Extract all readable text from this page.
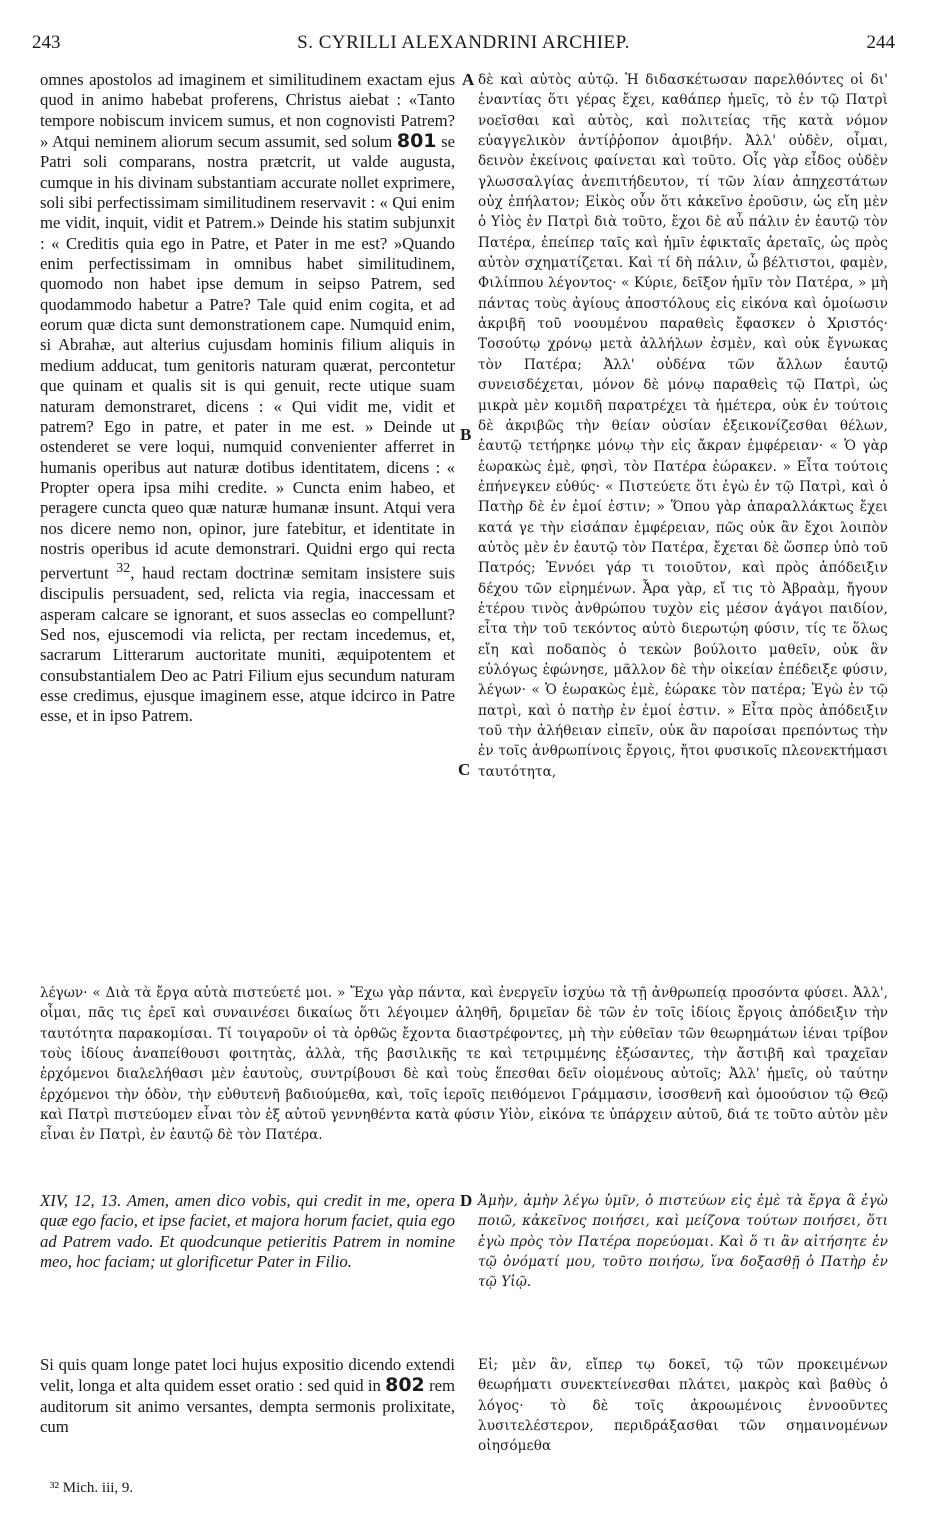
243	S. CYRILLI ALEXANDRINI ARCHIEP.	244
A
B
C
D

omnes apostolos ad imaginem et similitudinem exactam ejus quod in animo habebat proferens, Christus aiebat : «Tanto tempore nobiscum invicem sumus, et non cognovisti Patrem? » Atqui neminem aliorum secum assumit, sed solum 801 se Patri soli comparans, nostra prætcrit, ut valde augusta, cumque in his divinam substantiam accurate nollet exprimere, soli sibi perfectissimam similitudinem reservavit : « Qui enim me vidit, inquit, vidit et Patrem.» Deinde his statim subjunxit : « Creditis quia ego in Patre, et Pater in me est? »Quando enim perfectissimam in omnibus habet similitudinem, quomodo non habet ipse demum in seipso Patrem, sed quodammodo habetur a Patre? Tale quid enim cogita, et ad eorum quæ dicta sunt demonstrationem cape. Numquid enim, si Abrahæ, aut alterius cujusdam hominis filium aliquis in medium adducat, tum genitoris naturam quærat, percontetur que quinam et qualis sit is qui genuit, recte utique suam naturam demonstraret, dicens : « Qui vidit me, vidit et patrem? Ego in patre, et pater in me est. » Deinde ut ostenderet se vere loqui, numquid convenienter afferret in humanis operibus aut naturæ dotibus identitatem, dicens : « Propter opera ipsa mihi credite. » Cuncta enim habeo, et peragere cuncta queo quæ naturæ humanæ insunt. Atqui vera nos dicere nemo non, opinor, jure fatebitur, et identitate in nostris operibus id acute demonstrari. Quidni ergo qui recta pervertunt $^{32}$, haud rectam doctrinæ semitam insistere suis discipulis persuadent, sed, relicta via regia, inaccessam et asperam calcare se ignorant, et suos asseclas eo compellunt? Sed nos, ejuscemodi via relicta, per rectam incedemus, et, sacrarum Litterarum auctoritate muniti, æquipotentem et consubstantialem Deo ac Patri Filium ejus secundum naturam esse credimus, ejusque imaginem esse, atque idcirco in Patre esse, et in ipso Patrem.

δὲ καὶ αὐτὸς αὐτῷ. Ἡ διδασκέτωσαν παρελθόντες οἱ δι' ἐναντίας ὅτι γέρας ἔχει, καθάπερ ἡμεῖς, τὸ ἐν τῷ Πατρὶ νοεῖσθαι καὶ αὐτὸς, καὶ πολιτείας τῆς κατὰ νόμον εὐαγγελικὸν ἀντίῤῥοπον ἀμοιβήν. Ἀλλ' οὐδὲν, οἶμαι, δεινὸν ἐκείνοις φαίνεται καὶ τοῦτο. Οἷς γὰρ εἶδος οὐδὲν γλωσσαλγίας ἀνεπιτήδευτον, τί τῶν λίαν ἀπηχεστάτων οὐχ ἐπήλατον; Εἰκὸς οὖν ὅτι κἀκεῖνο ἐροῦσιν, ὡς εἴη μὲν ὁ Υἱὸς ἐν Πατρὶ διὰ τοῦτο, ἔχοι δὲ αὖ πάλιν ἐν ἑαυτῷ τὸν Πατέρα, ἐπείπερ ταῖς καὶ ἡμῖν ἐφικταῖς ἀρεταῖς, ὡς πρὸς αὐτὸν σχηματίζεται. Καὶ τί δὴ πάλιν, ὦ βέλτιστοι, φαμὲν, Φιλίππου λέγοντος· « Κύριε, δεῖξον ἡμῖν τὸν Πατέρα, » μὴ πάντας τοὺς ἁγίους ἀποστόλους εἰς εἰκόνα καὶ ὁμοίωσιν ἀκριβῆ τοῦ νοουμένου παραθεὶς ἔφασκεν ὁ Χριστός· Τοσούτῳ χρόνῳ μετὰ ἀλλήλων ἐσμὲν, καὶ οὐκ ἔγνωκας τὸν Πατέρα; Ἀλλ' οὐδένα τῶν ἄλλων ἑαυτῷ συνεισδέχεται, μόνον δὲ μόνῳ παραθεὶς τῷ Πατρὶ, ὡς μικρὰ μὲν κομιδῆ παρατρέχει τὰ ἡμέτερα, οὐκ ἐν τούτοις δὲ ἀκριβῶς τὴν θείαν οὐσίαν ἐξεικονίζεσθαι θέλων, ἑαυτῷ τετήρηκε μόνῳ τὴν εἰς ἄκραν ἐμφέρειαν· « Ὁ γὰρ ἑωρακὼς ἐμὲ, φησὶ, τὸν Πατέρα ἑώρακεν. » Εἶτα τούτοις ἐπήνεγκεν εὐθύς· « Πιστεύετε ὅτι ἐγὼ ἐν τῷ Πατρὶ, καὶ ὁ Πατὴρ δὲ ἐν ἐμοί ἐστιν; » Ὅπου γὰρ ἀπαραλλάκτως ἔχει κατά γε τὴν εἰσάπαν ἐμφέρειαν, πῶς οὐκ ἂν ἔχοι λοιπὸν αὐτὸς μὲν ἐν ἑαυτῷ τὸν Πατέρα, ἔχεται δὲ ὥσπερ ὑπὸ τοῦ Πατρός; Ἐννόει γάρ τι τοιοῦτον, καὶ πρὸς ἀπόδειξιν δέχου τῶν εἰρημένων. Ἆρα γὰρ, εἴ τις τὸ Ἀβραὰμ, ἤγουν ἑτέρου τινὸς ἀνθρώπου τυχὸν εἰς μέσον ἀγάγοι παιδίον, εἶτα τὴν τοῦ τεκόντος αὐτὸ διερωτῴη φύσιν, τίς τε ὅλως εἴη καὶ ποδαπὸς ὁ τεκὼν βούλοιτο μαθεῖν, οὐκ ἂν εὐλόγως ἐφώνησε, μᾶλλον δὲ τὴν οἰκείαν ἐπέδειξε φύσιν, λέγων· « Ὁ ἑωρακὼς ἐμὲ, ἑώρακε τὸν πατέρα; Ἐγὼ ἐν τῷ πατρὶ, καὶ ὁ πατὴρ ἐν ἐμοί ἐστιν. » Εἶτα πρὸς ἀπόδειξιν τοῦ τὴν ἀλήθειαν εἰπεῖν, οὐκ ἂν παροίσαι πρεπόντως τὴν ἐν τοῖς ἀνθρωπίνοις ἔργοις, ἤτοι φυσικοῖς πλεονεκτήμασι ταυτότητα,

λέγων· « Διὰ τὰ ἔργα αὐτὰ πιστεύετέ μοι. » Ἔχω γὰρ πάντα, καὶ ἐνεργεῖν ἰσχύω τὰ τῇ ἀνθρωπείᾳ προσόντα φύσει. Ἀλλ', οἶμαι, πᾶς τις ἐρεῖ καὶ συναινέσει δικαίως ὅτι λέγοιμεν ἀληθῆ, δριμεῖαν δὲ τῶν ἐν τοῖς ἰδίοις ἔργοις ἀπόδειξιν τὴν ταυτότητα παρακομίσαι. Τί τοιγαροῦν οἱ τὰ ὀρθῶς ἔχοντα διαστρέφοντες, μὴ τὴν εὐθεῖαν τῶν θεωρημάτων ἰέναι τρίβον τοὺς ἰδίους ἀναπείθουσι φοιτητὰς, ἀλλὰ, τῆς βασιλικῆς τε καὶ τετριμμένης ἐξώσαντες, τὴν ἄστιβῆ καὶ τραχεῖαν ἐρχόμενοι διαλελήθασι μὲν ἑαυτοὺς, συντρίβουσι δὲ καὶ τοὺς ἕπεσθαι δεῖν οἰομένους αὐτοῖς; Ἀλλ' ἡμεῖς, οὐ ταύτην ἐρχόμενοι τὴν ὁδὸν, τὴν εὐθυτενῆ βαδιούμεθα, καὶ, τοῖς ἱεροῖς πειθόμενοι Γράμμασιν, ἰσοσθενῆ καὶ ὁμοούσιον τῷ Θεῷ καὶ Πατρὶ πιστεύομεν εἶναι τὸν ἐξ αὐτοῦ γεννηθέντα κατὰ φύσιν Υἱὸν, εἰκόνα τε ὑπάρχειν αὐτοῦ, διά τε τοῦτο αὐτὸν μὲν εἶναι ἐν Πατρὶ, ἐν ἑαυτῷ δὲ τὸν Πατέρα.

XIV, 12, 13. Amen, amen dico vobis, qui credit in me, opera quæ ego facio, et ipse faciet, et majora horum faciet, quia ego ad Patrem vado. Et quodcunque petieritis Patrem in nomine meo, hoc faciam; ut glorificetur Pater in Filio.

Ἀμὴν, ἀμὴν λέγω ὑμῖν, ὁ πιστεύων εἰς ἐμὲ τὰ ἔργα ἃ ἐγὼ ποιῶ, κἀκεῖνος ποιήσει, καὶ μείζονα τούτων ποιήσει, ὅτι ἐγὼ πρὸς τὸν Πατέρα πορεύομαι. Καὶ ὅ τι ἂν αἰτήσητε ἐν τῷ ὀνόματί μου, τοῦτο ποιήσω, ἵνα δοξασθῇ ὁ Πατὴρ ἐν τῷ Υἱῷ.

Si quis quam longe patet loci hujus expositio dicendo extendi velit, longa et alta quidem esset oratio : sed quid in 802 rem auditorum sit animo versantes, dempta sermonis prolixitate, cum

Εἰ; μὲν ἂν, εἴπερ τῳ δοκεῖ, τῷ τῶν προκειμένων θεωρήματι συνεκτείνεσθαι πλάτει, μακρὸς καὶ βαθὺς ὁ λόγος· τὸ δὲ τοῖς ἀκροωμένοις ἐννοοῦντες λυσιτελέστερον, περιδράξασθαι τῶν σημαινομένων οἰησόμεθα

³² Mich. iii, 9.
